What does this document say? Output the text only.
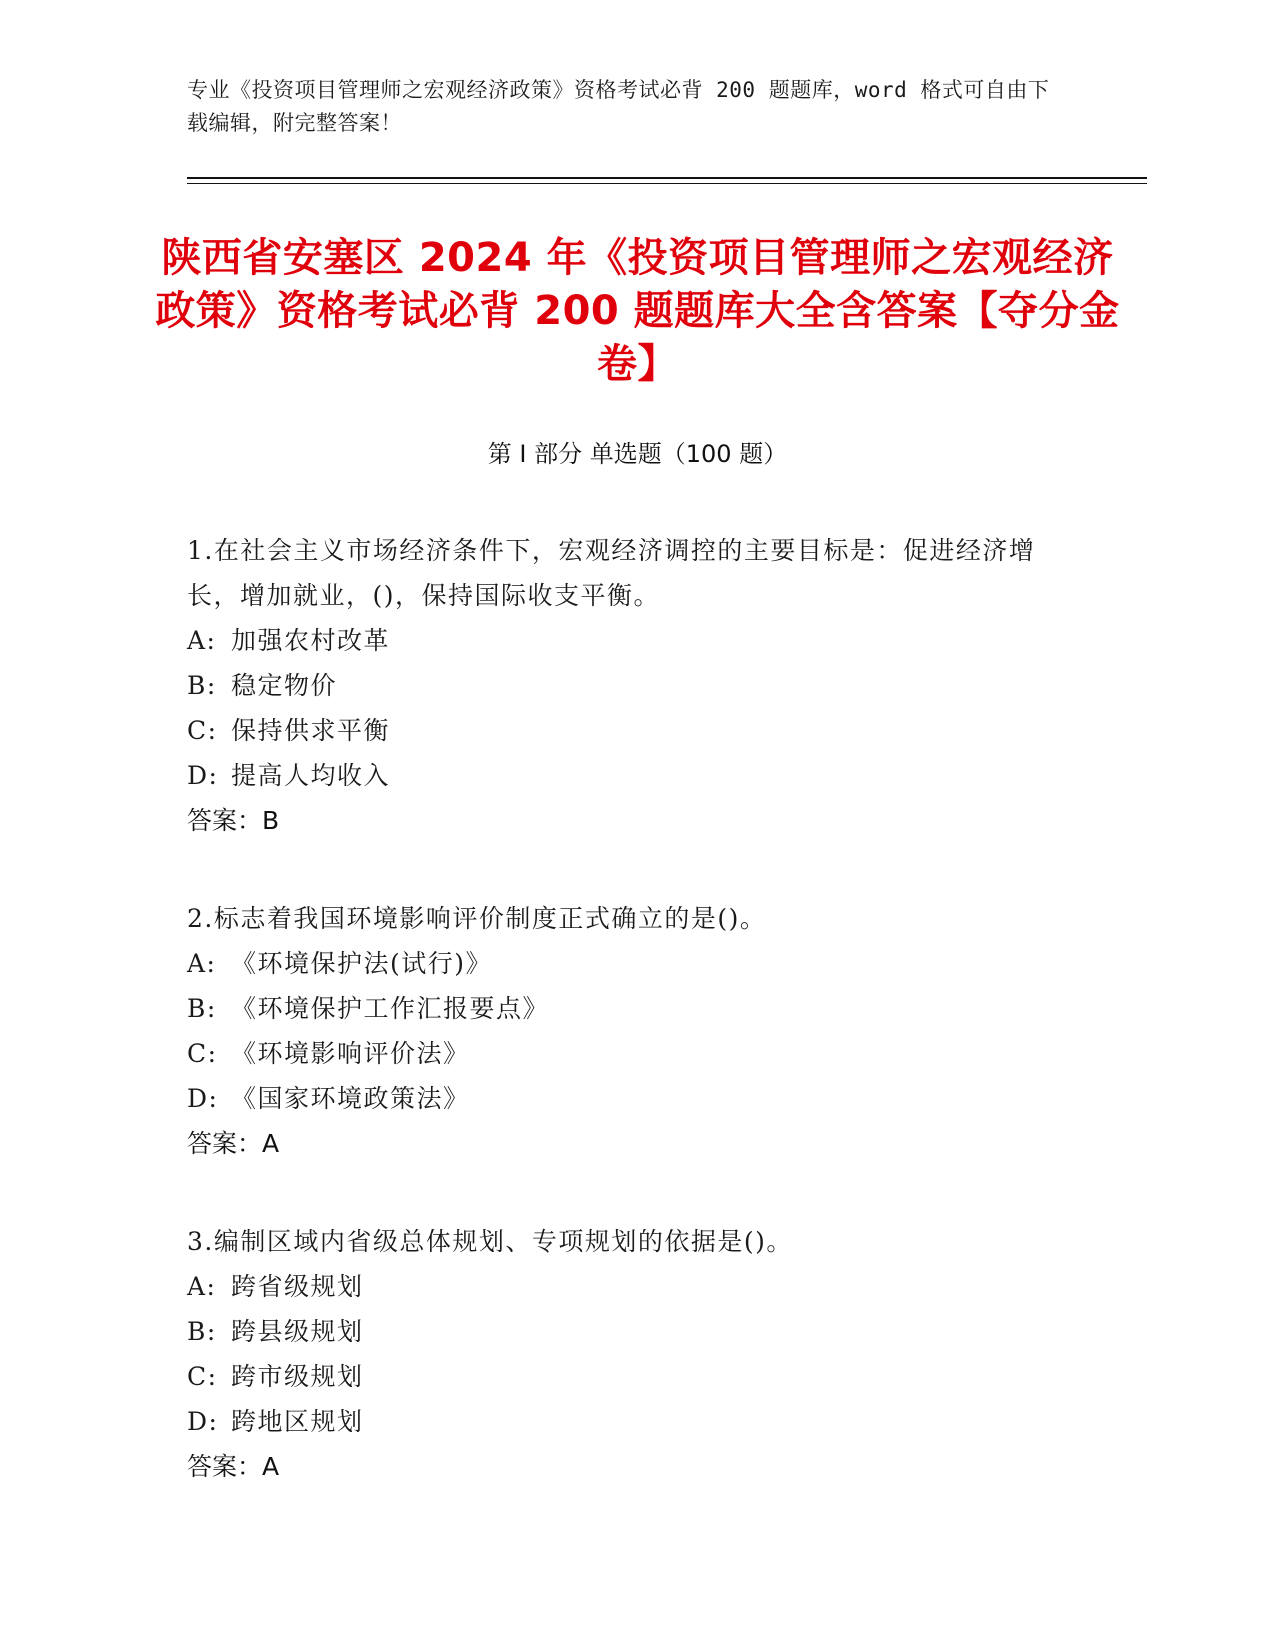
专业《投资项目管理师之宏观经济政策》资格考试必背 200 题题库，word 格式可自由下载编辑，附完整答案！
陕西省安塞区 2024 年《投资项目管理师之宏观经济政策》资格考试必背 200 题题库大全含答案【夺分金卷】
第 I 部分 单选题（100 题）
1.在社会主义市场经济条件下，宏观经济调控的主要目标是：促进经济增长，增加就业，()，保持国际收支平衡。
A: 加强农村改革
B: 稳定物价
C: 保持供求平衡
D: 提高人均收入
答案：B
2.标志着我国环境影响评价制度正式确立的是()。
A: 《环境保护法(试行)》
B: 《环境保护工作汇报要点》
C: 《环境影响评价法》
D: 《国家环境政策法》
答案：A
3.编制区域内省级总体规划、专项规划的依据是()。
A: 跨省级规划
B: 跨县级规划
C: 跨市级规划
D: 跨地区规划
答案：A
